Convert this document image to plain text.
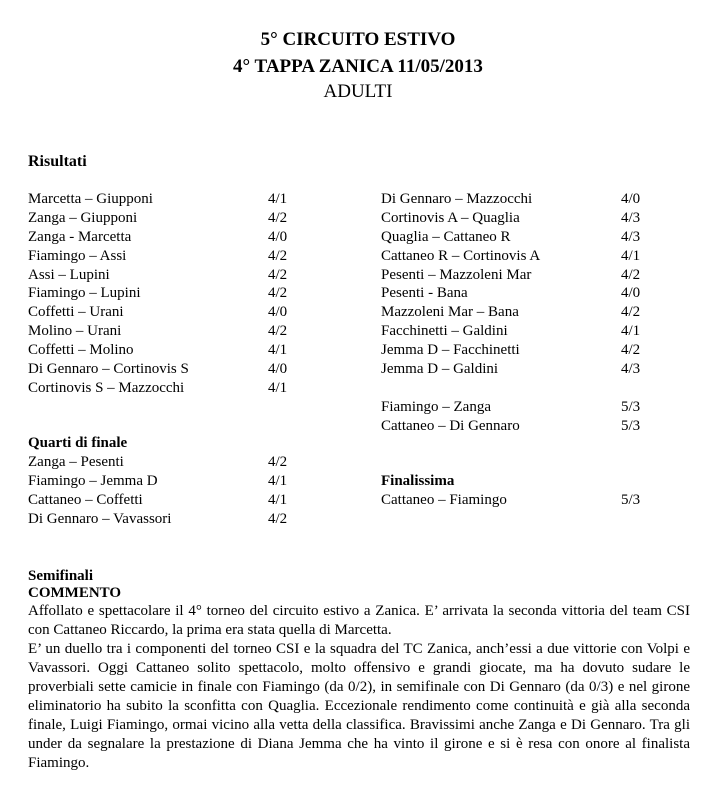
5° CIRCUITO ESTIVO
4° TAPPA ZANICA 11/05/2013
ADULTI
Risultati
Marcetta – Giupponi	4/1
Zanga – Giupponi	4/2
Zanga - Marcetta	4/0
Fiamingo – Assi	4/2
Assi – Lupini	4/2
Fiamingo – Lupini	4/2
Coffetti – Urani	4/0
Molino – Urani	4/2
Coffetti – Molino	4/1
Di Gennaro – Cortinovis S	4/0
Cortinovis S – Mazzocchi	4/1
Di Gennaro – Mazzocchi	4/0
Cortinovis A – Quaglia	4/3
Quaglia – Cattaneo R	4/3
Cattaneo R – Cortinovis A	4/1
Pesenti – Mazzoleni Mar	4/2
Pesenti - Bana	4/0
Mazzoleni Mar – Bana	4/2
Facchinetti – Galdini	4/1
Jemma D – Facchinetti	4/2
Jemma D – Galdini	4/3
Fiamingo – Zanga	5/3
Cattaneo – Di Gennaro	5/3
Quarti di finale
Zanga – Pesenti	4/2
Fiamingo – Jemma D	4/1
Cattaneo – Coffetti	4/1
Di Gennaro – Vavassori	4/2
Finalissima
Cattaneo – Fiamingo	5/3
Semifinali
COMMENTO

Affollato e spettacolare il 4° torneo del circuito estivo a Zanica. E’ arrivata la seconda vittoria del team CSI con Cattaneo Riccardo, la prima era stata quella di Marcetta.

E’ un duello tra i componenti del torneo CSI e la squadra del TC Zanica, anch’essi a due vittorie con Volpi e Vavassori. Oggi Cattaneo solito spettacolo, molto offensivo e grandi giocate, ma ha dovuto sudare le proverbiali sette camicie in finale con Fiamingo (da 0/2), in semifinale con Di Gennaro (da 0/3) e nel girone eliminatorio ha subito la sconfitta con Quaglia. Eccezionale rendimento come continuità e già alla seconda finale, Luigi Fiamingo, ormai vicino alla vetta della classifica. Bravissimi anche Zanga e Di Gennaro. Tra gli under da segnalare la prestazione di Diana Jemma che ha vinto il girone e si è resa con onore al finalista Fiamingo.
